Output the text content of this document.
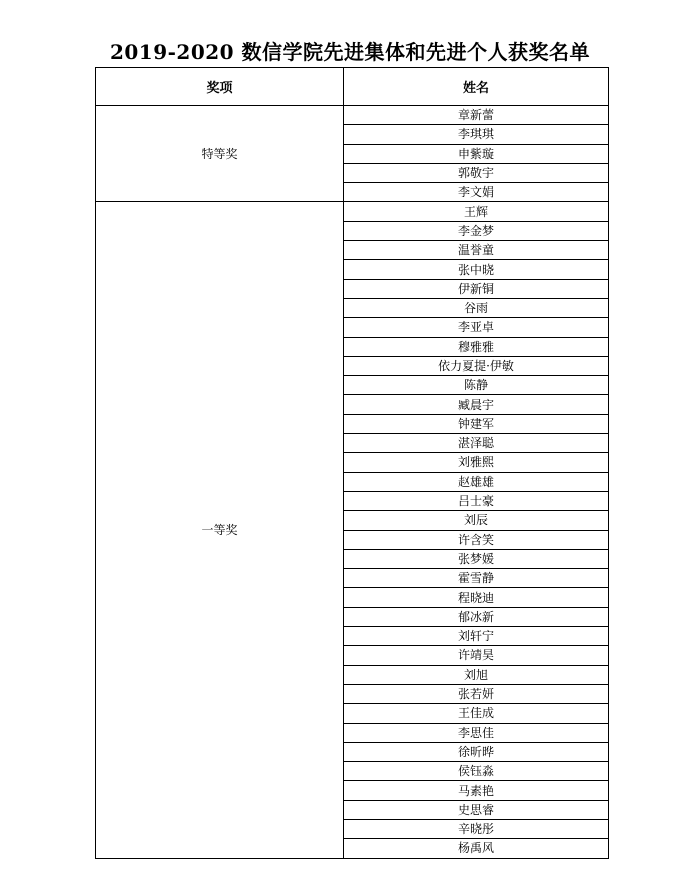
2019-2020 数信学院先进集体和先进个人获奖名单
奖项	姓名
特等奖	章新蕾
	李琪琪
	申紫璇
	郭敬宇
	李文娟
一等奖	王辉
	李金梦
	温誉童
	张中晓
	伊新铜
	谷雨
	李亚卓
	穆雅雅
	依力夏提·伊敏
	陈静
	臧晨宇
	钟建军
	湛泽聪
	刘雅熙
	赵雄雄
	吕士豪
	刘辰
	许含笑
	张梦媛
	霍雪静
	程晓迪
	郁冰新
	刘轩宁
	许靖昊
	刘旭
	张若妍
	王佳成
	李思佳
	徐昕晔
	侯钰淼
	马素艳
	史思睿
	辛晓彤
	杨禹风
